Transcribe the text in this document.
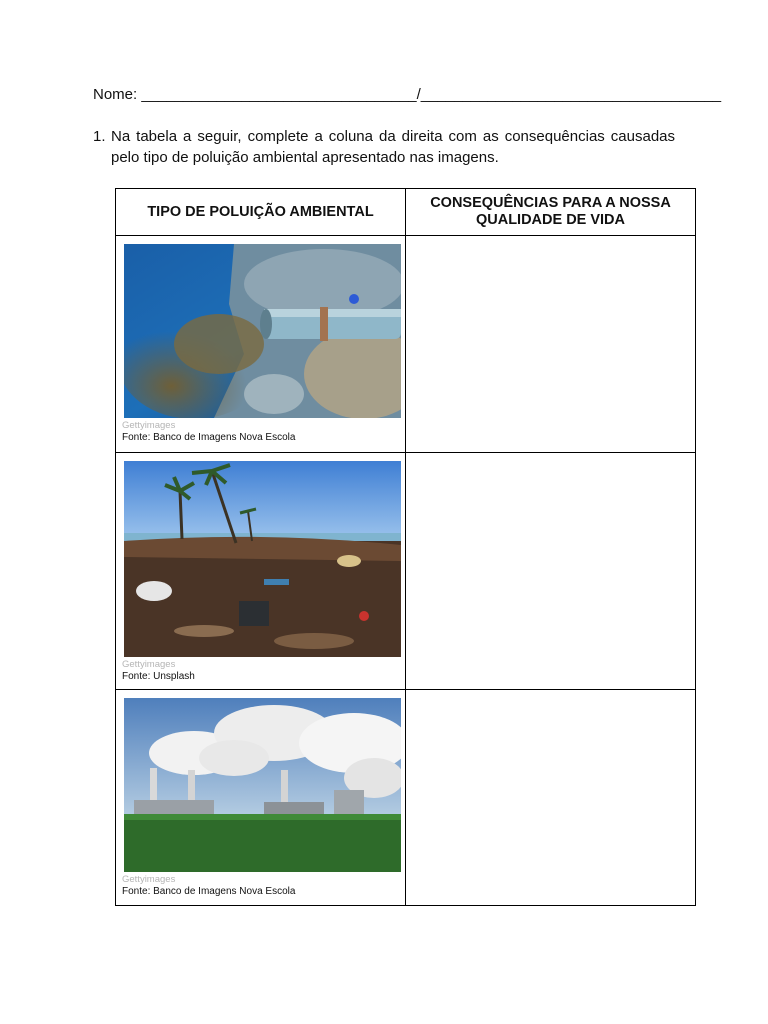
Nome: _________________________________/____________________________________
1. Na tabela a seguir, complete a coluna da direita com as consequências causadas pelo tipo de poluição ambiental apresentado nas imagens.
TIPO DE POLUIÇÃO AMBIENTAL	CONSEQUÊNCIAS PARA A NOSSA QUALIDADE DE VIDA

Gettyimages
Fonte: Banco de Imagens Nova Escola	

Gettyimages
Fonte: Unsplash	

Gettyimages
Fonte: Banco de Imagens Nova Escola	
